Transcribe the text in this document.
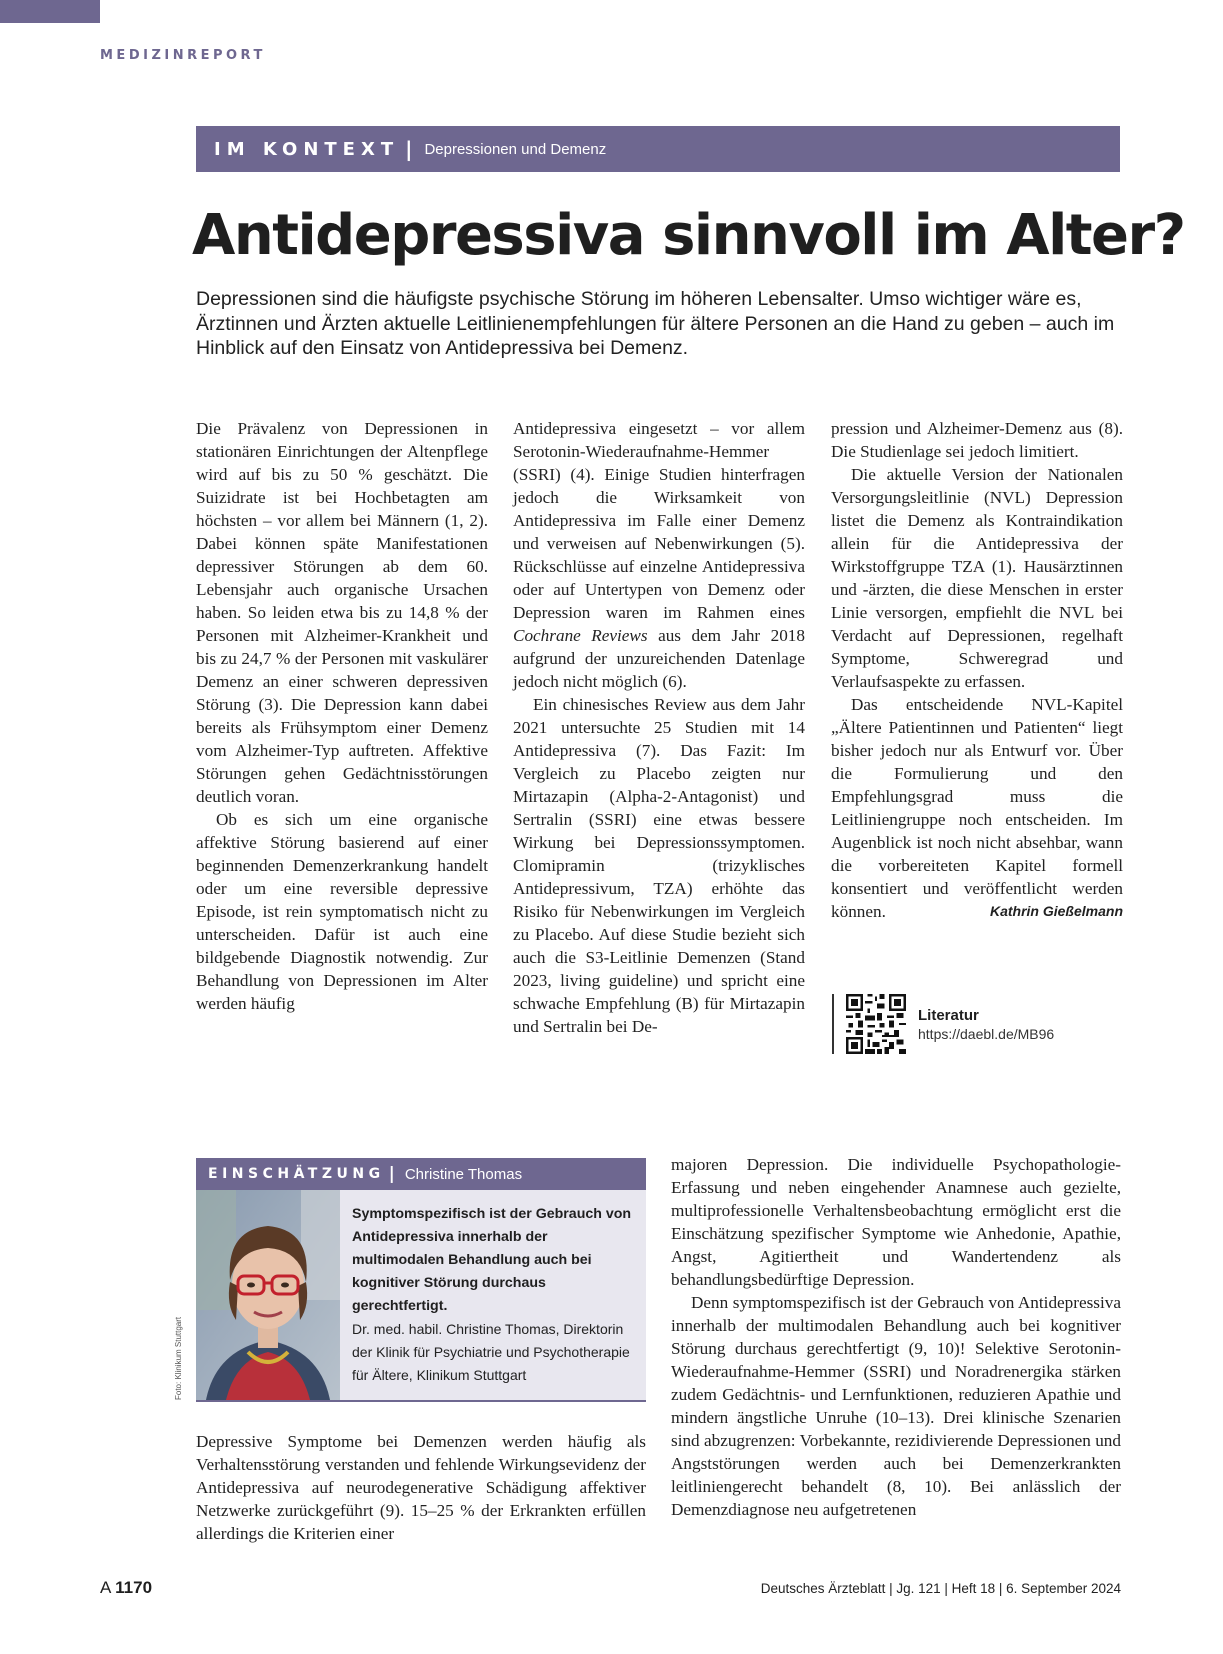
MEDIZINREPORT
IM KONTEXT | Depressionen und Demenz
Antidepressiva sinnvoll im Alter?

Depressionen sind die häufigste psychische Störung im höheren Lebensalter. Umso wichtiger wäre es, Ärztinnen und Ärzten aktuelle Leitlinienempfehlungen für ältere Personen an die Hand zu geben – auch im Hinblick auf den Einsatz von Antidepressiva bei Demenz.

Die Prävalenz von Depressionen in stationären Einrichtungen der Altenpflege wird auf bis zu 50 % geschätzt. Die Suizidrate ist bei Hochbetagten am höchsten – vor allem bei Männern (1, 2). Dabei können späte Manifestationen depressiver Störungen ab dem 60. Lebensjahr auch organische Ursachen haben. So leiden etwa bis zu 14,8 % der Personen mit Alzheimer-Krankheit und bis zu 24,7 % der Personen mit vaskulärer Demenz an einer schweren depressiven Störung (3). Die Depression kann dabei bereits als Frühsymptom einer Demenz vom Alzheimer-Typ auftreten. Affektive Störungen gehen Gedächtnisstörungen deutlich voran.

Ob es sich um eine organische affektive Störung basierend auf einer beginnenden Demenzerkrankung handelt oder um eine reversible depressive Episode, ist rein symptomatisch nicht zu unterscheiden. Dafür ist auch eine bildgebende Diagnostik notwendig. Zur Behandlung von Depressionen im Alter werden häufig

Antidepressiva eingesetzt – vor allem Serotonin-Wiederaufnahme-Hemmer (SSRI) (4). Einige Studien hinterfragen jedoch die Wirksamkeit von Antidepressiva im Falle einer Demenz und verweisen auf Nebenwirkungen (5). Rückschlüsse auf einzelne Antidepressiva oder auf Untertypen von Demenz oder Depression waren im Rahmen eines Cochrane Reviews aus dem Jahr 2018 aufgrund der unzureichenden Datenlage jedoch nicht möglich (6).

Ein chinesisches Review aus dem Jahr 2021 untersuchte 25 Studien mit 14 Antidepressiva (7). Das Fazit: Im Vergleich zu Placebo zeigten nur Mirtazapin (Alpha-2-Antagonist) und Sertralin (SSRI) eine etwas bessere Wirkung bei Depressionssymptomen. Clomipramin (trizyklisches Antidepressivum, TZA) erhöhte das Risiko für Nebenwirkungen im Vergleich zu Placebo. Auf diese Studie bezieht sich auch die S3-Leitlinie Demenzen (Stand 2023, living guideline) und spricht eine schwache Empfehlung (B) für Mirtazapin und Sertralin bei De-

pression und Alzheimer-Demenz aus (8). Die Studienlage sei jedoch limitiert.

Die aktuelle Version der Nationalen Versorgungsleitlinie (NVL) Depression listet die Demenz als Kontraindikation allein für die Antidepressiva der Wirkstoffgruppe TZA (1). Hausärztinnen und -ärzten, die diese Menschen in erster Linie versorgen, empfiehlt die NVL bei Verdacht auf Depressionen, regelhaft Symptome, Schweregrad und Verlaufsaspekte zu erfassen.

Das entscheidende NVL-Kapitel „Ältere Patientinnen und Patienten“ liegt bisher jedoch nur als Entwurf vor. Über die Formulierung und den Empfehlungsgrad muss die Leitliniengruppe noch entscheiden. Im Augenblick ist noch nicht absehbar, wann die vorbereiteten Kapitel formell konsentiert und veröffentlicht werden können.	Kathrin Gießelmann

Literatur
https://daebl.de/MB96
EINSCHÄTZUNG | Christine Thomas
Foto: Klinikum Stuttgart

Symptomspezifisch ist der Gebrauch von Antidepressiva innerhalb der multimodalen Behandlung auch bei kognitiver Störung durchaus gerechtfertigt.

Dr. med. habil. Christine Thomas, Direktorin der Klinik für Psychiatrie und Psychotherapie für Ältere, Klinikum Stuttgart

Depressive Symptome bei Demenzen werden häufig als Verhaltensstörung verstanden und fehlende Wirkungsevidenz der Antidepressiva auf neurodegenerative Schädigung affektiver Netzwerke zurückgeführt (9). 15–25 % der Erkrankten erfüllen allerdings die Kriterien einer

majoren Depression. Die individuelle Psychopathologie-Erfassung und neben eingehender Anamnese auch gezielte, multiprofessionelle Verhaltensbeobachtung ermöglicht erst die Einschätzung spezifischer Symptome wie Anhedonie, Apathie, Angst, Agitiertheit und Wandertendenz als behandlungsbedürftige Depression.

Denn symptomspezifisch ist der Gebrauch von Antidepressiva innerhalb der multimodalen Behandlung auch bei kognitiver Störung durchaus gerechtfertigt (9, 10)! Selektive Serotonin-Wiederaufnahme-Hemmer (SSRI) und Noradrenergika stärken zudem Gedächtnis- und Lernfunktionen, reduzieren Apathie und mindern ängstliche Unruhe (10–13). Drei klinische Szenarien sind abzugrenzen: Vorbekannte, rezidivierende Depressionen und Angststörungen werden auch bei Demenzerkrankten leitliniengerecht behandelt (8, 10). Bei anlässlich der Demenzdiagnose neu aufgetretenen

A 1170	Deutsches Ärzteblatt | Jg. 121 | Heft 18 | 6. September 2024
